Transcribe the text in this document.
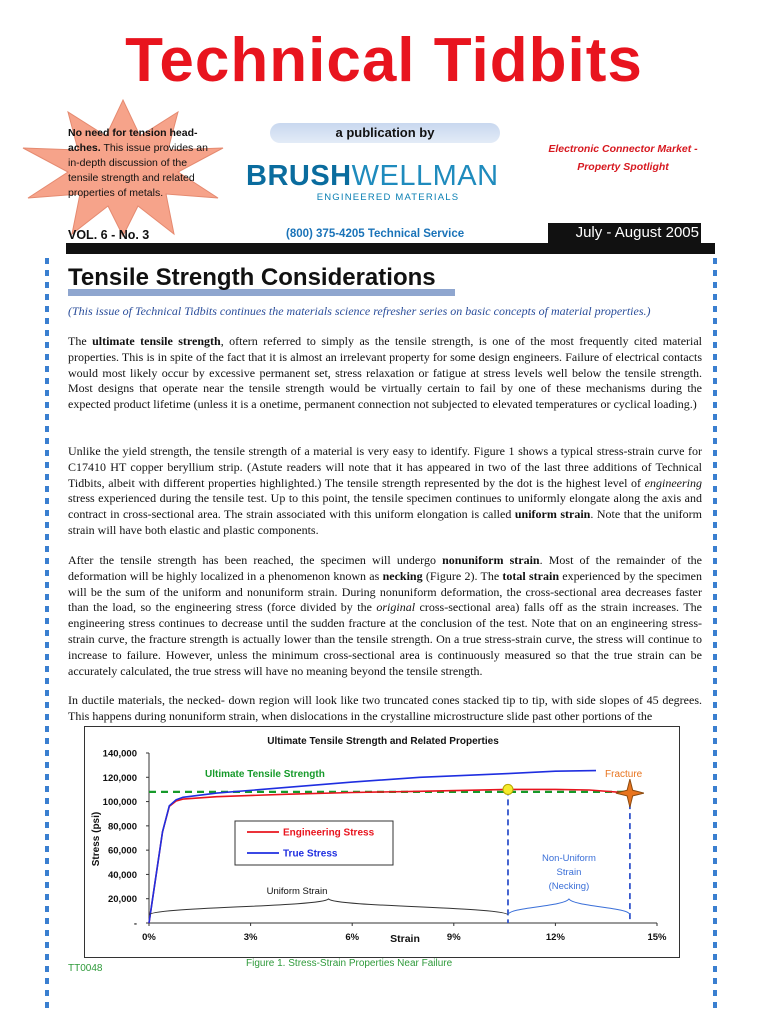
Technical Tidbits
No need for tension head-aches. This issue provides an in-depth discussion of the tensile strength and related properties of metals.
a publication by
BRUSHWELLMAN
ENGINEERED MATERIALS
Electronic Connector Market -
Property Spotlight
VOL. 6 - No. 3	(800) 375-4205 Technical Service	July - August 2005
Tensile Strength Considerations
(This issue of Technical Tidbits continues the materials science refresher series on basic concepts of material properties.)
The ultimate tensile strength, oftern referred to simply as the tensile strength, is one of the most frequently cited material properties. This is in spite of the fact that it is almost an irrelevant property for some design engineers. Failure of electrical contacts would most likely occur by excessive permanent set, stress relaxation or fatigue at stress levels well below the tensile strength. Most designs that operate near the tensile strength would be virtually certain to fail by one of these mechanisms during the expected product lifetime (unless it is a onetime, permanent connection not subjected to elevated temperatures or cyclical loading.)
Unlike the yield strength, the tensile strength of a material is very easy to identify. Figure 1 shows a typical stress-strain curve for C17410 HT copper beryllium strip. (Astute readers will note that it has appeared in two of the last three additions of Technical Tidbits, albeit with different properties highlighted.) The tensile strength represented by the dot is the highest level of engineering stress experienced during the tensile test. Up to this point, the tensile specimen continues to uniformly elongate along the axis and contract in cross-sectional area. The strain associated with this uniform elongation is called uniform strain. Note that the uniform strain will have both elastic and plastic components.
After the tensile strength has been reached, the specimen will undergo nonuniform strain. Most of the remainder of the deformation will be highly localized in a phenomenon known as necking (Figure 2). The total strain experienced by the specimen will be the sum of the uniform and nonuniform strain. During nonuniform deformation, the cross-sectional area decreases faster than the load, so the engineering stress (force divided by the original cross-sectional area) falls off as the strain increases. The engineering stress continues to decrease until the sudden fracture at the conclusion of the test. Note that on an engineering stress-strain curve, the fracture strength is actually lower than the tensile strength. On a true stress-strain curve, the stress will continue to increase to failure. However, unless the minimum cross-sectional area is continuously measured so that the true strain can be accurately calculated, the true stress will have no meaning beyond the tensile strength.
In ductile materials, the necked- down region will look like two truncated cones stacked tip to tip, with side slopes of 45 degrees. This happens during nonuniform strain, when dislocations in the crystalline microstructure slide past other portions of the
Ultimate Tensile Strength and Related Properties
-
20,000
40,000
60,000
80,000
100,000
120,000
140,000
0%	3%	6%	9%	12%	15%
Strain
Stress (psi)
Ultimate Tensile Strength	Fracture
Engineering Stress
True Stress
Uniform Strain
Non-Uniform
Strain
(Necking)
Figure 1. Stress-Strain Properties Near Failure
TT0048
